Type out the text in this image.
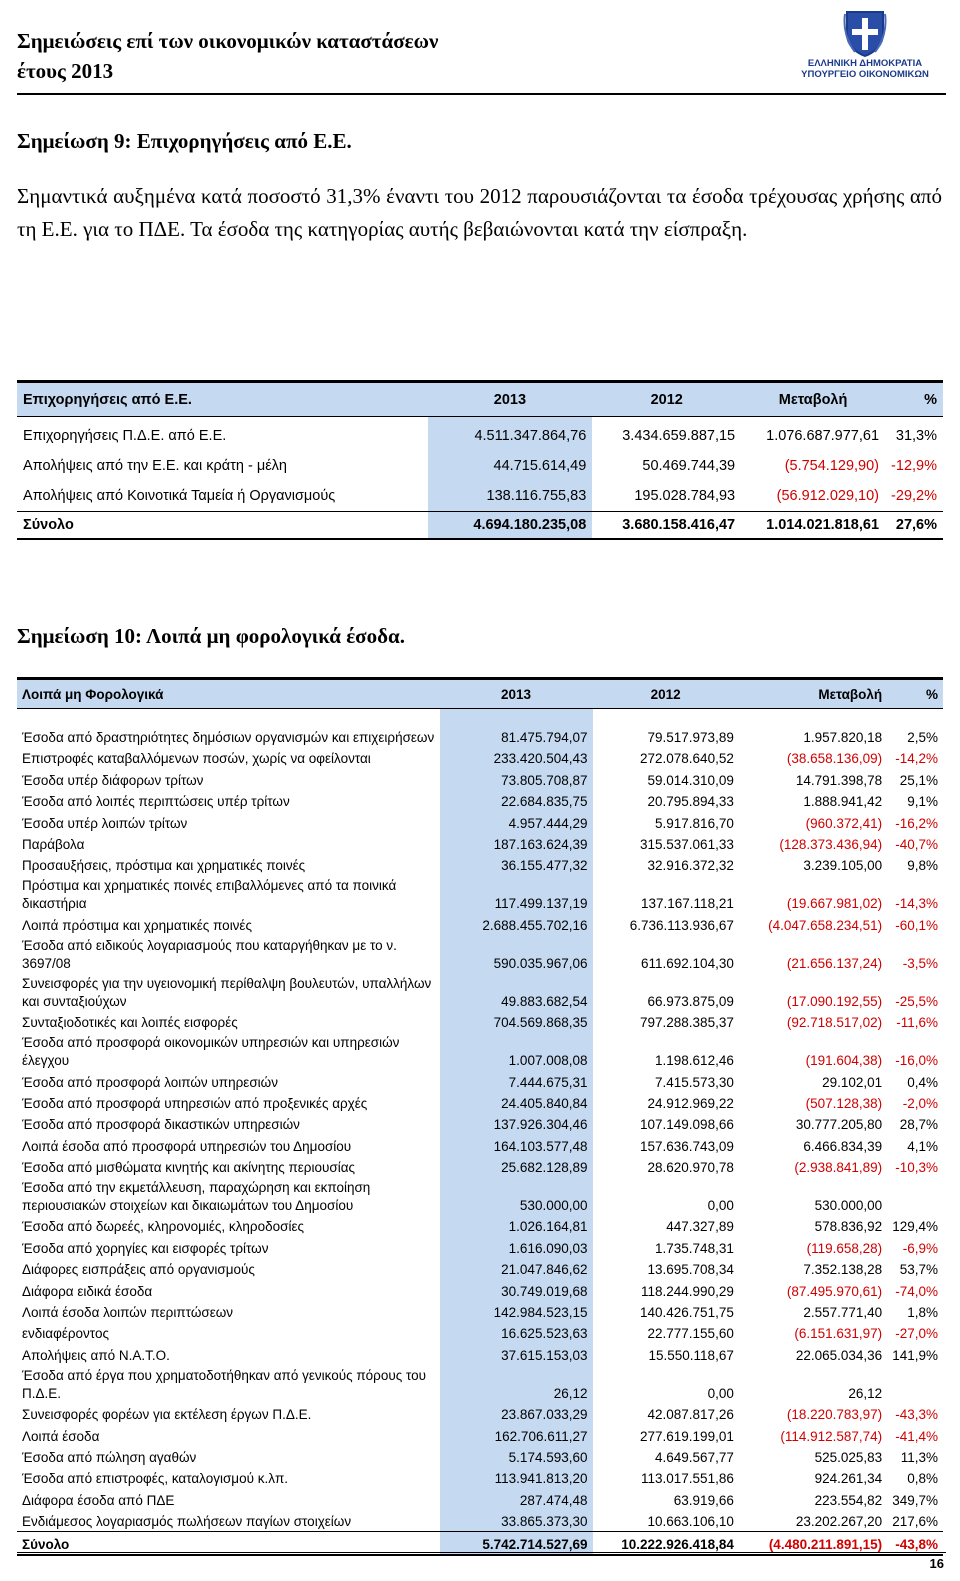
Σημειώσεις επί των οικονομικών καταστάσεων
έτους 2013	ΕΛΛΗΝΙΚΗ ΔΗΜΟΚΡΑΤΙΑ
ΥΠΟΥΡΓΕΙΟ ΟΙΚΟΝΟΜΙΚΩΝ
Σημείωση 9: Επιχορηγήσεις από Ε.Ε.

Σημαντικά αυξημένα κατά ποσοστό 31,3% έναντι του 2012 παρουσιάζονται τα έσοδα τρέχουσας χρήσης από τη Ε.Ε. για το ΠΔΕ. Τα έσοδα της κατηγορίας αυτής βεβαιώνονται κατά την είσπραξη.

Επιχορηγήσεις από Ε.Ε.	2013	2012	Μεταβολή	%
Επιχορηγήσεις Π.Δ.Ε. από Ε.Ε.	4.511.347.864,76	3.434.659.887,15	1.076.687.977,61	31,3%
Απολήψεις από την Ε.Ε. και κράτη - μέλη	44.715.614,49	50.469.744,39	(5.754.129,90)	-12,9%
Απολήψεις από Κοινοτικά Ταμεία ή Οργανισμούς	138.116.755,83	195.028.784,93	(56.912.029,10)	-29,2%
Σύνολο	4.694.180.235,08	3.680.158.416,47	1.014.021.818,61	27,6%
Σημείωση 10: Λοιπά μη φορολογικά έσοδα.
Λοιπά μη Φορολογικά	2013	2012	Μεταβολή	%
Έσοδα από δραστηριότητες δημόσιων οργανισμών και επιχειρήσεων	81.475.794,07	79.517.973,89	1.957.820,18	2,5%
Επιστροφές καταβαλλόμενων ποσών, χωρίς να οφείλονται	233.420.504,43	272.078.640,52	(38.658.136,09)	-14,2%
Έσοδα υπέρ διάφορων τρίτων	73.805.708,87	59.014.310,09	14.791.398,78	25,1%
Έσοδα από λοιπές περιπτώσεις υπέρ τρίτων	22.684.835,75	20.795.894,33	1.888.941,42	9,1%
Έσοδα υπέρ λοιπών τρίτων	4.957.444,29	5.917.816,70	(960.372,41)	-16,2%
Παράβολα	187.163.624,39	315.537.061,33	(128.373.436,94)	-40,7%
Προσαυξήσεις, πρόστιμα και χρηματικές ποινές	36.155.477,32	32.916.372,32	3.239.105,00	9,8%
Πρόστιμα και χρηματικές ποινές επιβαλλόμενες από τα ποινικά δικαστήρια	117.499.137,19	137.167.118,21	(19.667.981,02)	-14,3%
Λοιπά πρόστιμα και χρηματικές ποινές	2.688.455.702,16	6.736.113.936,67	(4.047.658.234,51)	-60,1%
Έσοδα από ειδικούς λογαριασμούς που καταργήθηκαν με το ν. 3697/08	590.035.967,06	611.692.104,30	(21.656.137,24)	-3,5%
Συνεισφορές για την υγειονομική περίθαλψη βουλευτών, υπαλλήλων και συνταξιούχων	49.883.682,54	66.973.875,09	(17.090.192,55)	-25,5%
Συνταξιοδοτικές και λοιπές εισφορές	704.569.868,35	797.288.385,37	(92.718.517,02)	-11,6%
Έσοδα από προσφορά οικονομικών υπηρεσιών και υπηρεσιών έλεγχου	1.007.008,08	1.198.612,46	(191.604,38)	-16,0%
Έσοδα από προσφορά λοιπών υπηρεσιών	7.444.675,31	7.415.573,30	29.102,01	0,4%
Έσοδα από προσφορά υπηρεσιών από προξενικές αρχές	24.405.840,84	24.912.969,22	(507.128,38)	-2,0%
Έσοδα από προσφορά δικαστικών υπηρεσιών	137.926.304,46	107.149.098,66	30.777.205,80	28,7%
Λοιπά έσοδα από προσφορά υπηρεσιών του Δημοσίου	164.103.577,48	157.636.743,09	6.466.834,39	4,1%
Έσοδα από μισθώματα κινητής και ακίνητης περιουσίας	25.682.128,89	28.620.970,78	(2.938.841,89)	-10,3%
Έσοδα από την εκμετάλλευση, παραχώρηση και εκποίηση περιουσιακών στοιχείων και δικαιωμάτων του Δημοσίου	530.000,00	0,00	530.000,00	
Έσοδα από δωρεές, κληρονομιές, κληροδοσίες	1.026.164,81	447.327,89	578.836,92	129,4%
Έσοδα από χορηγίες και εισφορές τρίτων	1.616.090,03	1.735.748,31	(119.658,28)	-6,9%
Διάφορες εισπράξεις από οργανισμούς	21.047.846,62	13.695.708,34	7.352.138,28	53,7%
Διάφορα ειδικά έσοδα	30.749.019,68	118.244.990,29	(87.495.970,61)	-74,0%
Λοιπά έσοδα λοιπών περιπτώσεων	142.984.523,15	140.426.751,75	2.557.771,40	1,8%
ενδιαφέροντος	16.625.523,63	22.777.155,60	(6.151.631,97)	-27,0%
Απολήψεις από Ν.Α.Τ.Ο.	37.615.153,03	15.550.118,67	22.065.034,36	141,9%
Έσοδα από έργα που χρηματοδοτήθηκαν από γενικούς πόρους του Π.Δ.Ε.	26,12	0,00	26,12	
Συνεισφορές φορέων για εκτέλεση έργων Π.Δ.Ε.	23.867.033,29	42.087.817,26	(18.220.783,97)	-43,3%
Λοιπά έσοδα	162.706.611,27	277.619.199,01	(114.912.587,74)	-41,4%
Έσοδα από πώληση αγαθών	5.174.593,60	4.649.567,77	525.025,83	11,3%
Έσοδα από επιστροφές, καταλογισμού κ.λπ.	113.941.813,20	113.017.551,86	924.261,34	0,8%
Διάφορα έσοδα από ΠΔΕ	287.474,48	63.919,66	223.554,82	349,7%
Ενδιάμεσος λογαριασμός πωλήσεων παγίων στοιχείων	33.865.373,30	10.663.106,10	23.202.267,20	217,6%
Σύνολο	5.742.714.527,69	10.222.926.418,84	(4.480.211.891,15)	-43,8%
16
